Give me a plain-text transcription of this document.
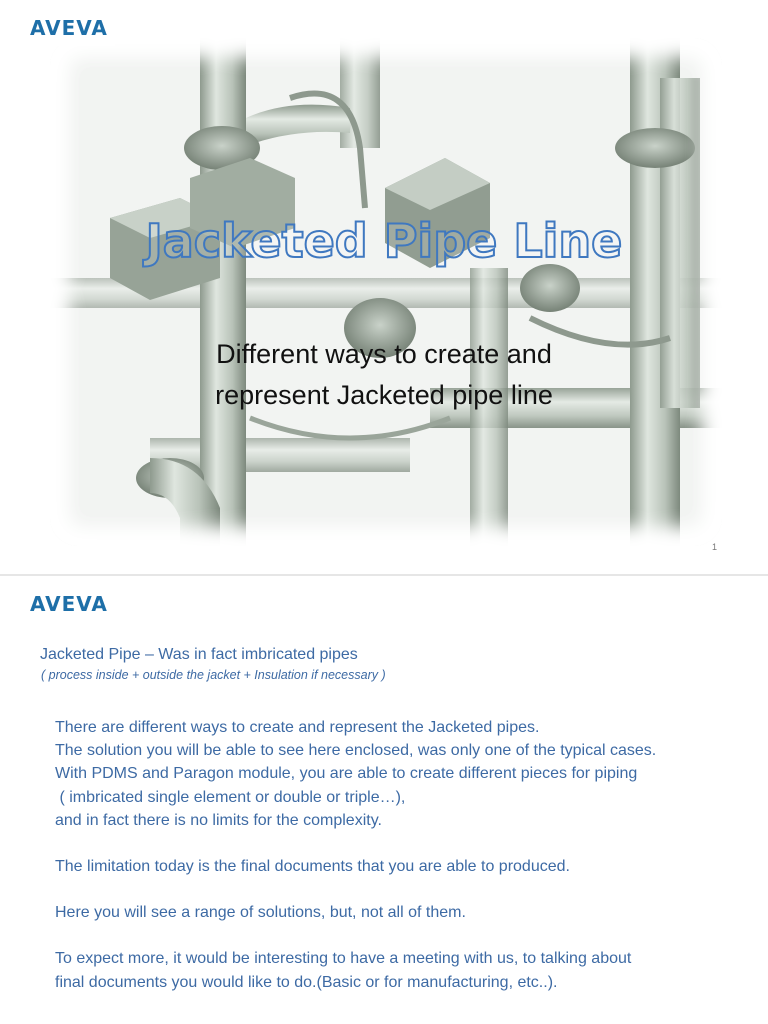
AVEVA
Jacketed Pipe Line
Different ways to create and
represent Jacketed pipe line
1
AVEVA
Jacketed Pipe – Was in fact imbricated pipes
( process inside + outside the jacket + Insulation if necessary )

There are different ways to create and represent the Jacketed pipes.

The solution you will be able to see here enclosed, was only one of the typical cases.

With PDMS and Paragon module, you are able to create different pieces for piping

( imbricated single element or double or triple…),

and in fact there is no limits for the complexity.

The limitation today is the final documents that you are able to produced.

Here you will see a range of solutions, but, not all of them.

To expect more, it would be interesting to have a meeting with us, to talking about

final documents you would like to do.(Basic or for manufacturing, etc..).
